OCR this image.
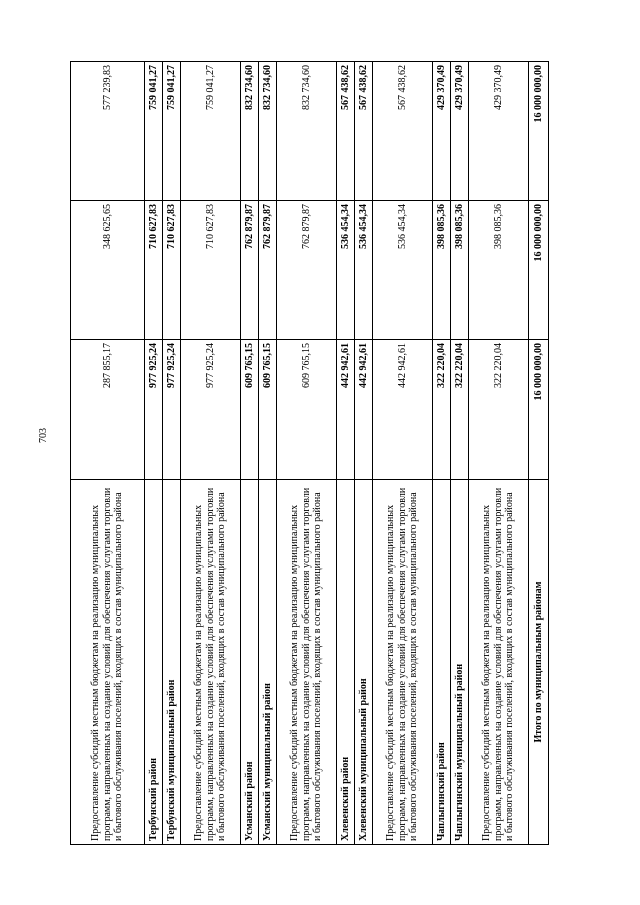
703
Предоставление субсидий местным бюджетам на реализацию муниципальных программ, направленных на создание условий для обеспечения услугами торговли и бытового обслуживания поселений, входящих в состав муниципального района	287 855,17	348 625,65	577 239,83
Тербунский район	977 925,24	710 627,83	759 041,27
Тербунский муниципальный район	977 925,24	710 627,83	759 041,27
Предоставление субсидий местным бюджетам на реализацию муниципальных программ, направленных на создание условий для обеспечения услугами торговли и бытового обслуживания поселений, входящих в состав муниципального района	977 925,24	710 627,83	759 041,27
Усманский район	609 765,15	762 879,87	832 734,60
Усманский муниципальный район	609 765,15	762 879,87	832 734,60
Предоставление субсидий местным бюджетам на реализацию муниципальных программ, направленных на создание условий для обеспечения услугами торговли и бытового обслуживания поселений, входящих в состав муниципального района	609 765,15	762 879,87	832 734,60
Хлевенский район	442 942,61	536 454,34	567 438,62
Хлевенский муниципальный район	442 942,61	536 454,34	567 438,62
Предоставление субсидий местным бюджетам на реализацию муниципальных программ, направленных на создание условий для обеспечения услугами торговли и бытового обслуживания поселений, входящих в состав муниципального района	442 942,61	536 454,34	567 438,62
Чаплыгинский район	322 220,04	398 085,36	429 370,49
Чаплыгинский муниципальный район	322 220,04	398 085,36	429 370,49
Предоставление субсидий местным бюджетам на реализацию муниципальных программ, направленных на создание условий для обеспечения услугами торговли и бытового обслуживания поселений, входящих в состав муниципального района	322 220,04	398 085,36	429 370,49
Итого по муниципальным районам	16 000 000,00	16 000 000,00	16 000 000,00
